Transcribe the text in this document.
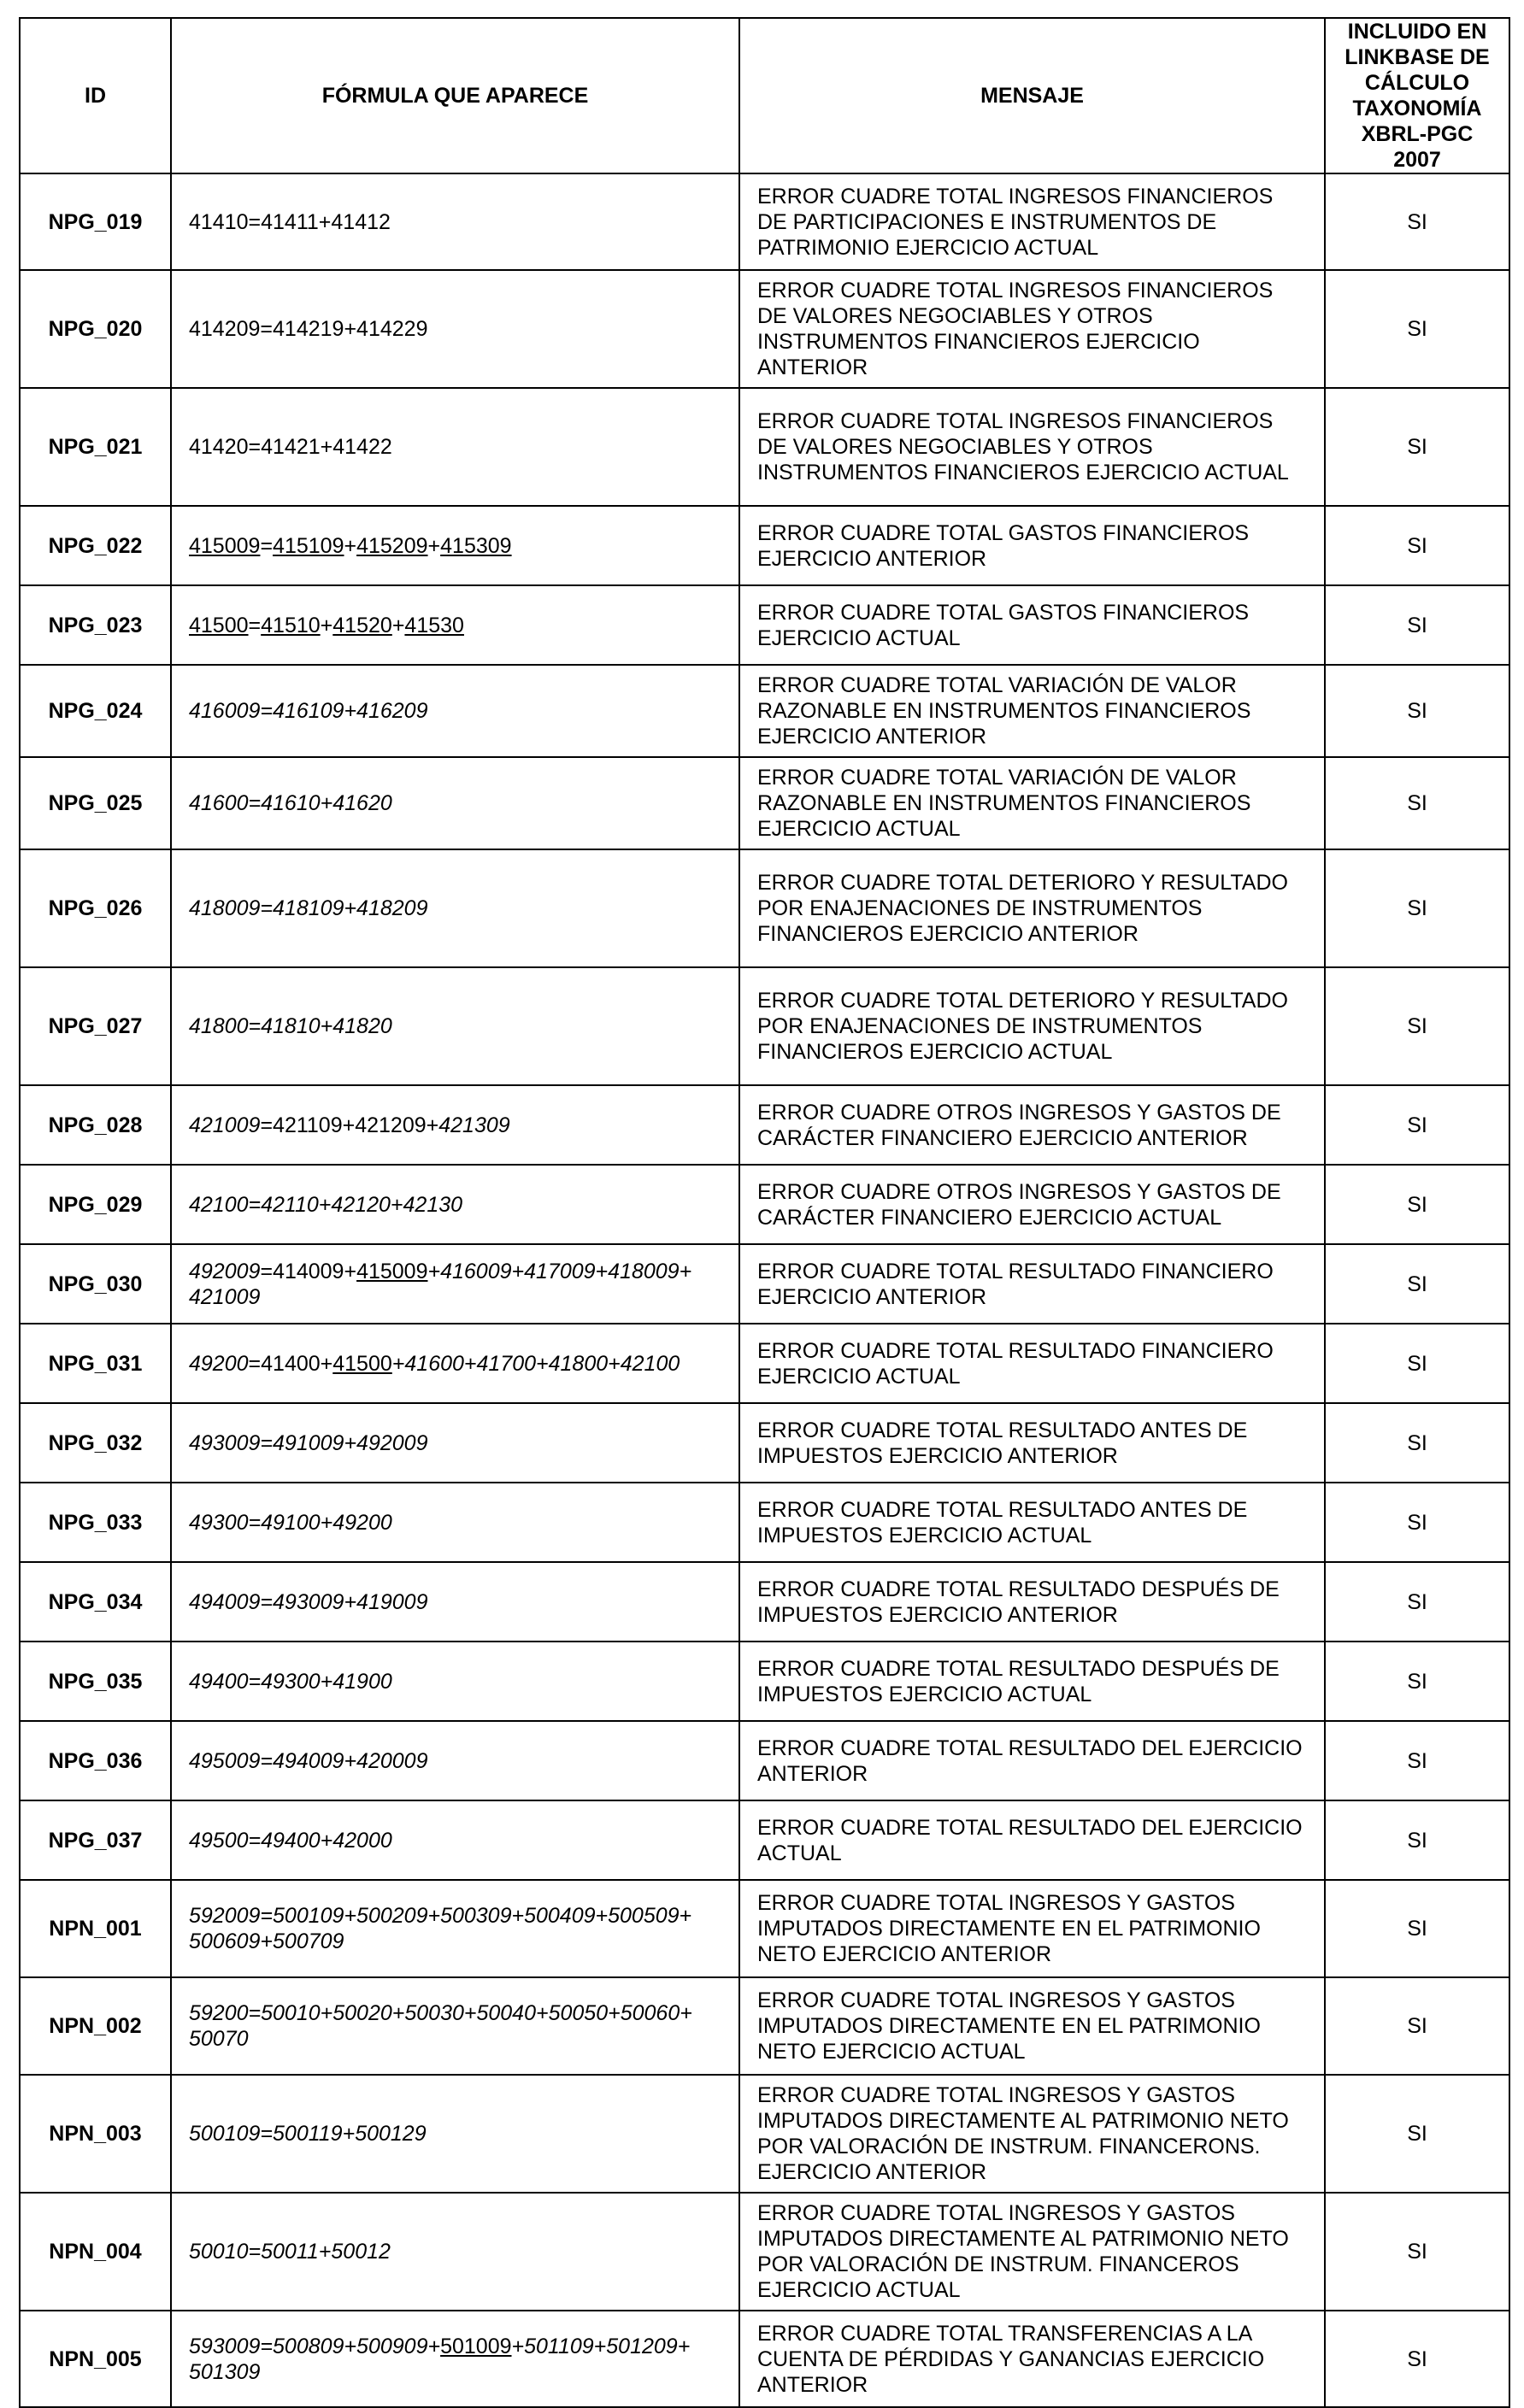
ID	FÓRMULA QUE APARECE	MENSAJE	INCLUIDO EN LINKBASE DE CÁLCULO TAXONOMÍA XBRL-PGC 2007
NPG_019	41410=41411+41412	ERROR CUADRE TOTAL INGRESOS FINANCIEROS DE PARTICIPACIONES E INSTRUMENTOS DE PATRIMONIO EJERCICIO ACTUAL	SI
NPG_020	414209=414219+414229	ERROR CUADRE TOTAL INGRESOS FINANCIEROS DE VALORES NEGOCIABLES Y OTROS INSTRUMENTOS FINANCIEROS EJERCICIO ANTERIOR	SI
NPG_021	41420=41421+41422	ERROR CUADRE TOTAL INGRESOS FINANCIEROS DE VALORES NEGOCIABLES Y OTROS INSTRUMENTOS FINANCIEROS EJERCICIO ACTUAL	SI
NPG_022	415009=415109+415209+415309	ERROR CUADRE TOTAL GASTOS FINANCIEROS EJERCICIO ANTERIOR	SI
NPG_023	41500=41510+41520+41530	ERROR CUADRE TOTAL GASTOS FINANCIEROS EJERCICIO ACTUAL	SI
NPG_024	416009=416109+416209	ERROR CUADRE TOTAL VARIACIÓN DE VALOR RAZONABLE EN INSTRUMENTOS FINANCIEROS EJERCICIO ANTERIOR	SI
NPG_025	41600=41610+41620	ERROR CUADRE TOTAL VARIACIÓN DE VALOR RAZONABLE EN INSTRUMENTOS FINANCIEROS EJERCICIO ACTUAL	SI
NPG_026	418009=418109+418209	ERROR CUADRE TOTAL DETERIORO Y RESULTADO POR ENAJENACIONES DE INSTRUMENTOS FINANCIEROS EJERCICIO ANTERIOR	SI
NPG_027	41800=41810+41820	ERROR CUADRE TOTAL DETERIORO Y RESULTADO POR ENAJENACIONES DE INSTRUMENTOS FINANCIEROS EJERCICIO ACTUAL	SI
NPG_028	421009=421109+421209+421309	ERROR CUADRE OTROS INGRESOS Y GASTOS DE CARÁCTER FINANCIERO EJERCICIO ANTERIOR	SI
NPG_029	42100=42110+42120+42130	ERROR CUADRE OTROS INGRESOS Y GASTOS DE CARÁCTER FINANCIERO EJERCICIO ACTUAL	SI
NPG_030	492009=414009+415009+416009+417009+418009+ 421009	ERROR CUADRE TOTAL RESULTADO FINANCIERO EJERCICIO ANTERIOR	SI
NPG_031	49200=41400+41500+41600+41700+41800+42100	ERROR CUADRE TOTAL RESULTADO FINANCIERO EJERCICIO ACTUAL	SI
NPG_032	493009=491009+492009	ERROR CUADRE TOTAL RESULTADO ANTES DE IMPUESTOS EJERCICIO ANTERIOR	SI
NPG_033	49300=49100+49200	ERROR CUADRE TOTAL RESULTADO ANTES DE IMPUESTOS EJERCICIO ACTUAL	SI
NPG_034	494009=493009+419009	ERROR CUADRE TOTAL RESULTADO DESPUÉS DE IMPUESTOS EJERCICIO ANTERIOR	SI
NPG_035	49400=49300+41900	ERROR CUADRE TOTAL RESULTADO DESPUÉS DE IMPUESTOS EJERCICIO ACTUAL	SI
NPG_036	495009=494009+420009	ERROR CUADRE TOTAL RESULTADO DEL EJERCICIO ANTERIOR	SI
NPG_037	49500=49400+42000	ERROR CUADRE TOTAL RESULTADO DEL EJERCICIO ACTUAL	SI
NPN_001	592009=500109+500209+500309+500409+500509+ 500609+500709	ERROR CUADRE TOTAL INGRESOS Y GASTOS IMPUTADOS DIRECTAMENTE EN EL PATRIMONIO NETO EJERCICIO ANTERIOR	SI
NPN_002	59200=50010+50020+50030+50040+50050+50060+ 50070	ERROR CUADRE TOTAL INGRESOS Y GASTOS IMPUTADOS DIRECTAMENTE EN EL PATRIMONIO NETO EJERCICIO ACTUAL	SI
NPN_003	500109=500119+500129	ERROR CUADRE TOTAL INGRESOS Y GASTOS IMPUTADOS DIRECTAMENTE AL PATRIMONIO NETO POR VALORACIÓN DE INSTRUM. FINANCERONS. EJERCICIO ANTERIOR	SI
NPN_004	50010=50011+50012	ERROR CUADRE TOTAL INGRESOS Y GASTOS IMPUTADOS DIRECTAMENTE AL PATRIMONIO NETO POR VALORACIÓN DE INSTRUM. FINANCEROS EJERCICIO ACTUAL	SI
NPN_005	593009=500809+500909+501009+501109+501209+ 501309	ERROR CUADRE TOTAL TRANSFERENCIAS A LA CUENTA DE PÉRDIDAS Y GANANCIAS EJERCICIO ANTERIOR	SI
